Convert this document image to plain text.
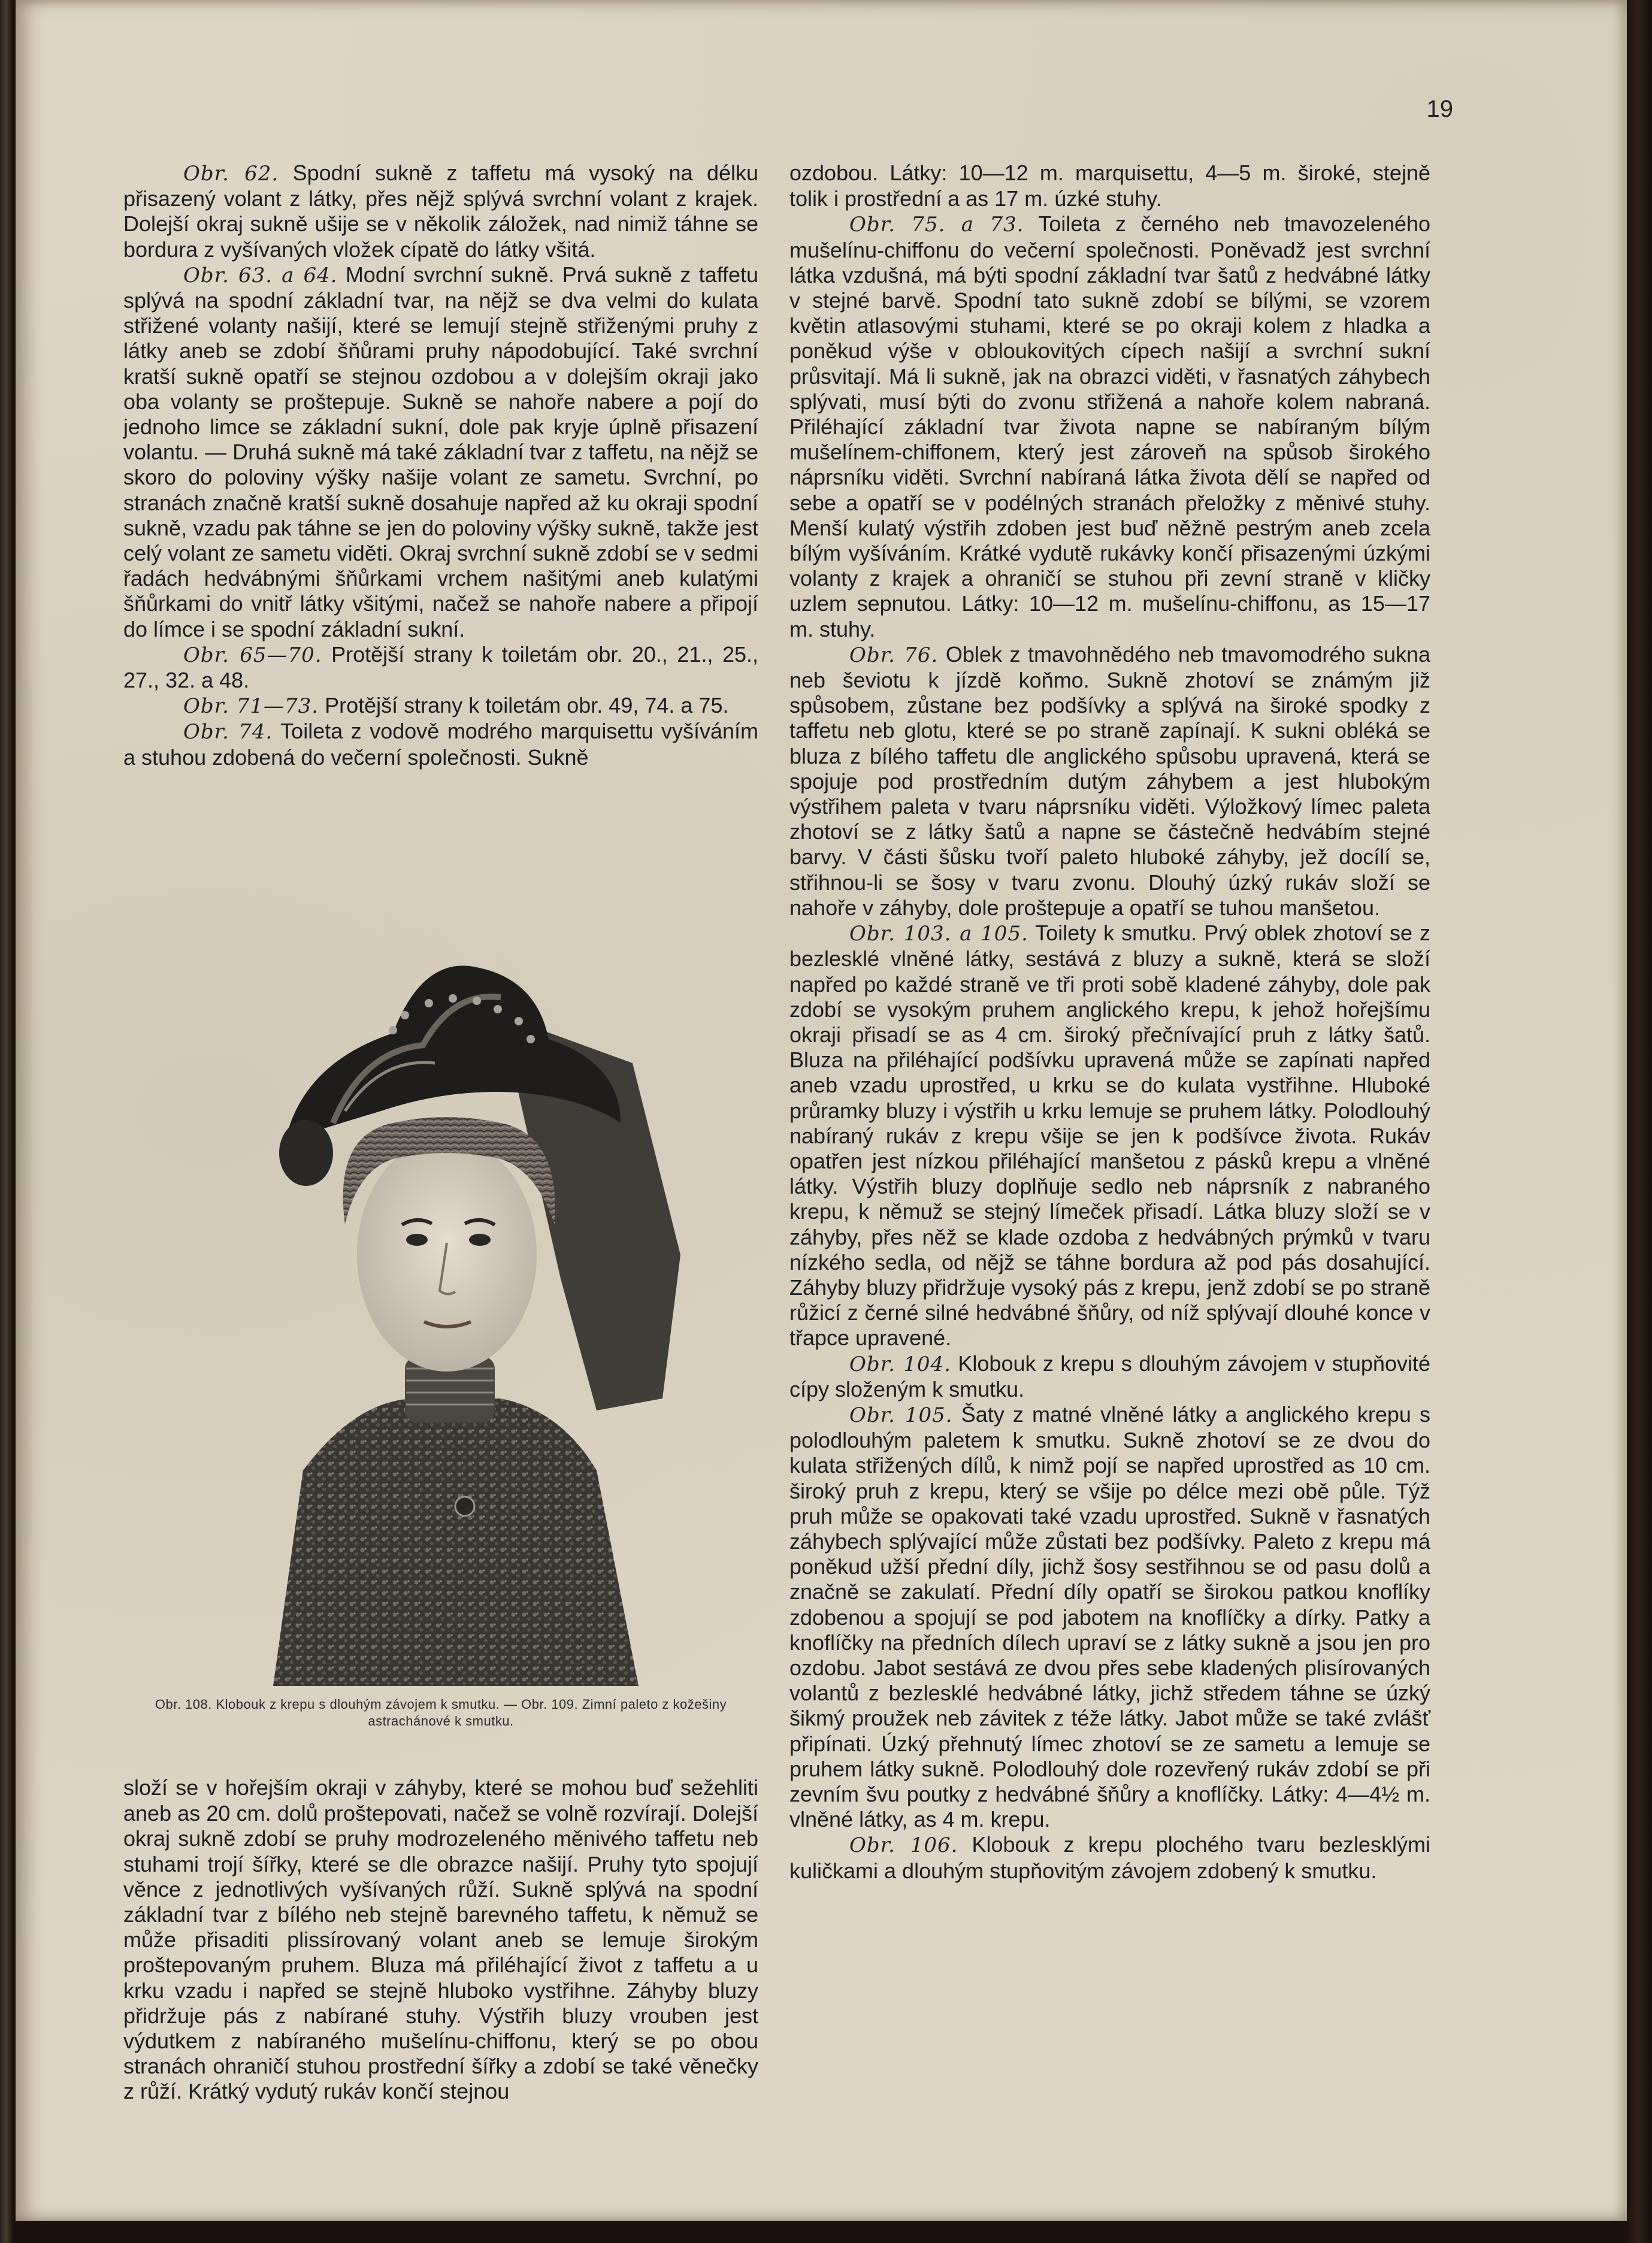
19

Obr. 62. Spodní sukně z taffetu má vysoký na délku přisazený volant z látky, přes nějž splývá svrchní volant z krajek. Dolejší okraj sukně ušije se v několik záložek, nad nimiž táhne se bordura z vyšívaných vložek cípatě do látky všitá.

Obr. 63. a 64. Modní svrchní sukně. Prvá sukně z taffetu splývá na spodní základní tvar, na nějž se dva velmi do kulata střižené volanty našijí, které se lemují stejně střiženými pruhy z látky aneb se zdobí šňůrami pruhy nápodobující. Také svrchní kratší sukně opatří se stejnou ozdobou a v dolejším okraji jako oba volanty se proštepuje. Sukně se nahoře nabere a pojí do jednoho limce se základní sukní, dole pak kryje úplně přisazení volantu. — Druhá sukně má také základní tvar z taffetu, na nějž se skoro do poloviny výšky našije volant ze sametu. Svrchní, po stranách značně kratší sukně dosahuje napřed až ku okraji spodní sukně, vzadu pak táhne se jen do poloviny výšky sukně, takže jest celý volant ze sametu viděti. Okraj svrchní sukně zdobí se v sedmi řadách hedvábnými šňůrkami vrchem našitými aneb kulatými šňůrkami do vnitř látky všitými, načež se nahoře nabere a připojí do límce i se spodní základní sukní.

Obr. 65—70. Protější strany k toiletám obr. 20., 21., 25., 27., 32. a 48.

Obr. 71—73. Protější strany k toiletám obr. 49, 74. a 75.

Obr. 74. Toileta z vodově modrého marquisettu vyšíváním a stuhou zdobená do večerní společnosti. Sukně

Obr. 108. Klobouk z krepu s dlouhým závojem k smutku. — Obr. 109. Zimní paleto z kožešiny astrachánové k smutku.

složí se v hořejším okraji v záhyby, které se mohou buď sežehliti aneb as 20 cm. dolů proštepovati, načež se volně rozvírají. Dolejší okraj sukně zdobí se pruhy modrozeleného měnivého taffetu neb stuhami trojí šířky, které se dle obrazce našijí. Pruhy tyto spojují věnce z jednotlivých vyšívaných růží. Sukně splývá na spodní základní tvar z bílého neb stejně barevného taffetu, k němuž se může přisaditi plissírovaný volant aneb se lemuje širokým proštepovaným pruhem. Bluza má přiléhající život z taffetu a u krku vzadu i napřed se stejně hluboko vystřihne. Záhyby bluzy přidržuje pás z nabírané stuhy. Výstřih bluzy vrouben jest výdutkem z nabíraného mušelínu-chiffonu, který se po obou stranách ohraničí stuhou prostřední šířky a zdobí se také věnečky z růží. Krátký vydutý rukáv končí stejnou

ozdobou. Látky: 10—12 m. marquisettu, 4—5 m. široké, stejně tolik i prostřední a as 17 m. úzké stuhy.

Obr. 75. a 73. Toileta z černého neb tmavozeleného mušelínu-chiffonu do večerní společnosti. Poněvadž jest svrchní látka vzdušná, má býti spodní základní tvar šatů z hedvábné látky v stejné barvě. Spodní tato sukně zdobí se bílými, se vzorem květin atlasovými stuhami, které se po okraji kolem z hladka a poněkud výše v obloukovitých cípech našijí a svrchní sukní průsvitají. Má li sukně, jak na obrazci viděti, v řasnatých záhybech splývati, musí býti do zvonu střižená a nahoře kolem nabraná. Přiléhající základní tvar života napne se nabíraným bílým mušelínem-chiffonem, který jest zároveň na spůsob širokého náprsníku viděti. Svrchní nabíraná látka života dělí se napřed od sebe a opatří se v podélných stranách přeložky z měnivé stuhy. Menší kulatý výstřih zdoben jest buď něžně pestrým aneb zcela bílým vyšíváním. Krátké vydutě rukávky končí přisazenými úzkými volanty z krajek a ohraničí se stuhou při zevní straně v kličky uzlem sepnutou. Látky: 10—12 m. mušelínu-chiffonu, as 15—17 m. stuhy.

Obr. 76. Oblek z tmavohnědého neb tmavomodrého sukna neb ševiotu k jízdě koňmo. Sukně zhotoví se známým již spůsobem, zůstane bez podšívky a splývá na široké spodky z taffetu neb glotu, které se po straně zapínají. K sukni obléká se bluza z bílého taffetu dle anglického spůsobu upravená, která se spojuje pod prostředním dutým záhybem a jest hlubokým výstřihem paleta v tvaru náprsníku viděti. Výložkový límec paleta zhotoví se z látky šatů a napne se částečně hedvábím stejné barvy. V části šůsku tvoří paleto hluboké záhyby, jež docílí se, střihnou-li se šosy v tvaru zvonu. Dlouhý úzký rukáv složí se nahoře v záhyby, dole proštepuje a opatří se tuhou manšetou.

Obr. 103. a 105. Toilety k smutku. Prvý oblek zhotoví se z bezlesklé vlněné látky, sestává z bluzy a sukně, která se složí napřed po každé straně ve tři proti sobě kladené záhyby, dole pak zdobí se vysokým pruhem anglického krepu, k jehož hořejšímu okraji přisadí se as 4 cm. široký přečnívající pruh z látky šatů. Bluza na přiléhající podšívku upravená může se zapínati napřed aneb vzadu uprostřed, u krku se do kulata vystřihne. Hluboké průramky bluzy i výstřih u krku lemuje se pruhem látky. Polodlouhý nabíraný rukáv z krepu všije se jen k podšívce života. Rukáv opatřen jest nízkou přiléhající manšetou z pásků krepu a vlněné látky. Výstřih bluzy doplňuje sedlo neb náprsník z nabraného krepu, k němuž se stejný límeček přisadí. Látka bluzy složí se v záhyby, přes něž se klade ozdoba z hedvábných prýmků v tvaru nízkého sedla, od nějž se táhne bordura až pod pás dosahující. Záhyby bluzy přidržuje vysoký pás z krepu, jenž zdobí se po straně růžicí z černé silné hedvábné šňůry, od níž splývají dlouhé konce v třapce upravené.

Obr. 104. Klobouk z krepu s dlouhým závojem v stupňovité cípy složeným k smutku.

Obr. 105. Šaty z matné vlněné látky a anglického krepu s polodlouhým paletem k smutku. Sukně zhotoví se ze dvou do kulata střižených dílů, k nimž pojí se napřed uprostřed as 10 cm. široký pruh z krepu, který se všije po délce mezi obě půle. Týž pruh může se opakovati také vzadu uprostřed. Sukně v řasnatých záhybech splývající může zůstati bez podšívky. Paleto z krepu má poněkud užší přední díly, jichž šosy sestřihnou se od pasu dolů a značně se zakulatí. Přední díly opatří se širokou patkou knoflíky zdobenou a spojují se pod jabotem na knoflíčky a dírky. Patky a knoflíčky na předních dílech upraví se z látky sukně a jsou jen pro ozdobu. Jabot sestává ze dvou přes sebe kladených plisírovaných volantů z bezlesklé hedvábné látky, jichž středem táhne se úzký šikmý proužek neb závitek z téže látky. Jabot může se také zvlášť připínati. Úzký přehnutý límec zhotoví se ze sametu a lemuje se pruhem látky sukně. Polodlouhý dole rozevřený rukáv zdobí se při zevním švu poutky z hedvábné šňůry a knoflíčky. Látky: 4—4½ m. vlněné látky, as 4 m. krepu.

Obr. 106. Klobouk z krepu plochého tvaru bezlesklými kuličkami a dlouhým stupňovitým závojem zdobený k smutku.
